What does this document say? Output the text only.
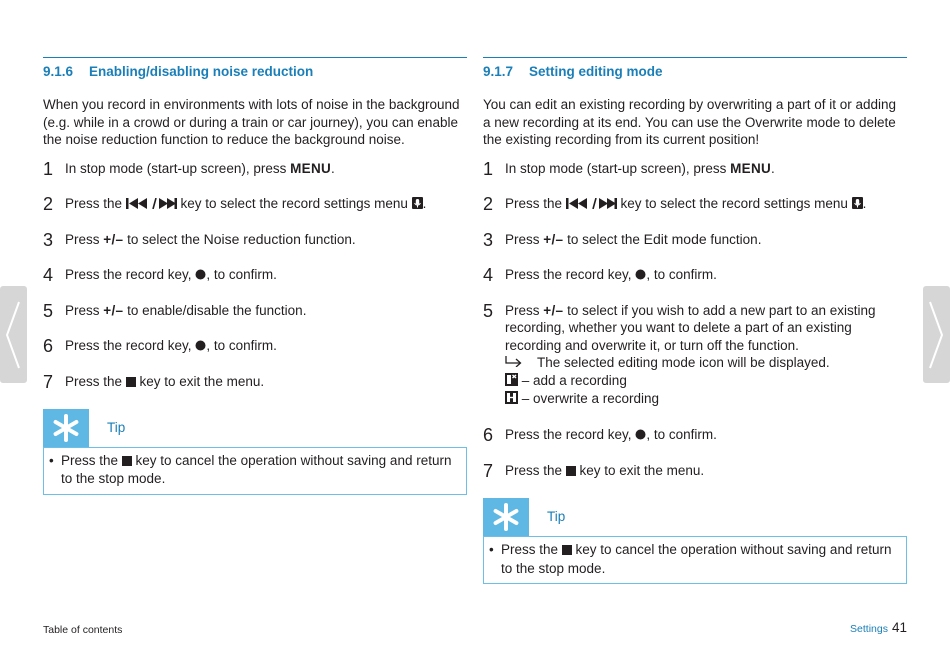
9.1.6 Enabling/disabling noise reduction
When you record in environments with lots of noise in the background (e.g. while in a crowd or during a train or car journey), you can enable the noise reduction function to reduce the background noise.
1 In stop mode (start-up screen), press MENU.
2 Press the	key to select the record settings menu .
3 Press +/– to select the Noise reduction function.
4 Press the record key, , to confirm.
5 Press +/– to enable/disable the function.
6 Press the record key, , to confirm.
7 Press the  key to exit the menu.
Tip
• Press the  key to cancel the operation without saving and return to the stop mode.
9.1.7 Setting editing mode
You can edit an existing recording by overwriting a part of it or adding a new recording at its end. You can use the Overwrite mode to delete the existing recording from its current position!
1 In stop mode (start-up screen), press MENU.
2 Press the	key to select the record settings menu .
3 Press +/– to select the Edit mode function.
4 Press the record key, , to confirm.
5 Press +/– to select if you wish to add a new part to an existing recording, whether you want to delete a part of an existing recording and overwrite it, or turn off the function.
The selected editing mode icon will be displayed.
– add a recording
– overwrite a recording
6 Press the record key, , to confirm.
7 Press the  key to exit the menu.
Tip
• Press the  key to cancel the operation without saving and return to the stop mode.
Table of contents	Settings 41
